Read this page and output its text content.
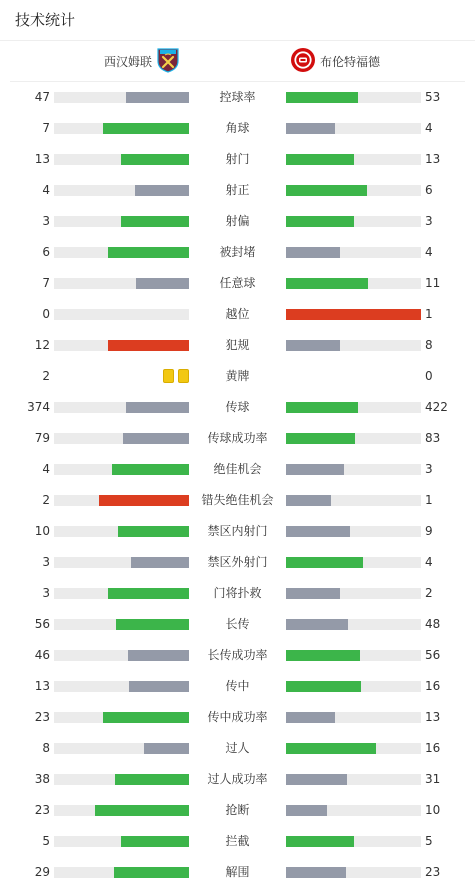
技术统计
西汉姆联	布伦特福德
47	控球率	53
7	角球	4
13	射门	13
4	射正	6
3	射偏	3
6	被封堵	4
7	任意球	11
0	越位	1
12	犯规	8
2	黄牌	0
374	传球	422
79	传球成功率	83
4	绝佳机会	3
2	错失绝佳机会	1
10	禁区内射门	9
3	禁区外射门	4
3	门将扑救	2
56	长传	48
46	长传成功率	56
13	传中	16
23	传中成功率	13
8	过人	16
38	过人成功率	31
23	抢断	10
5	拦截	5
29	解围	23
